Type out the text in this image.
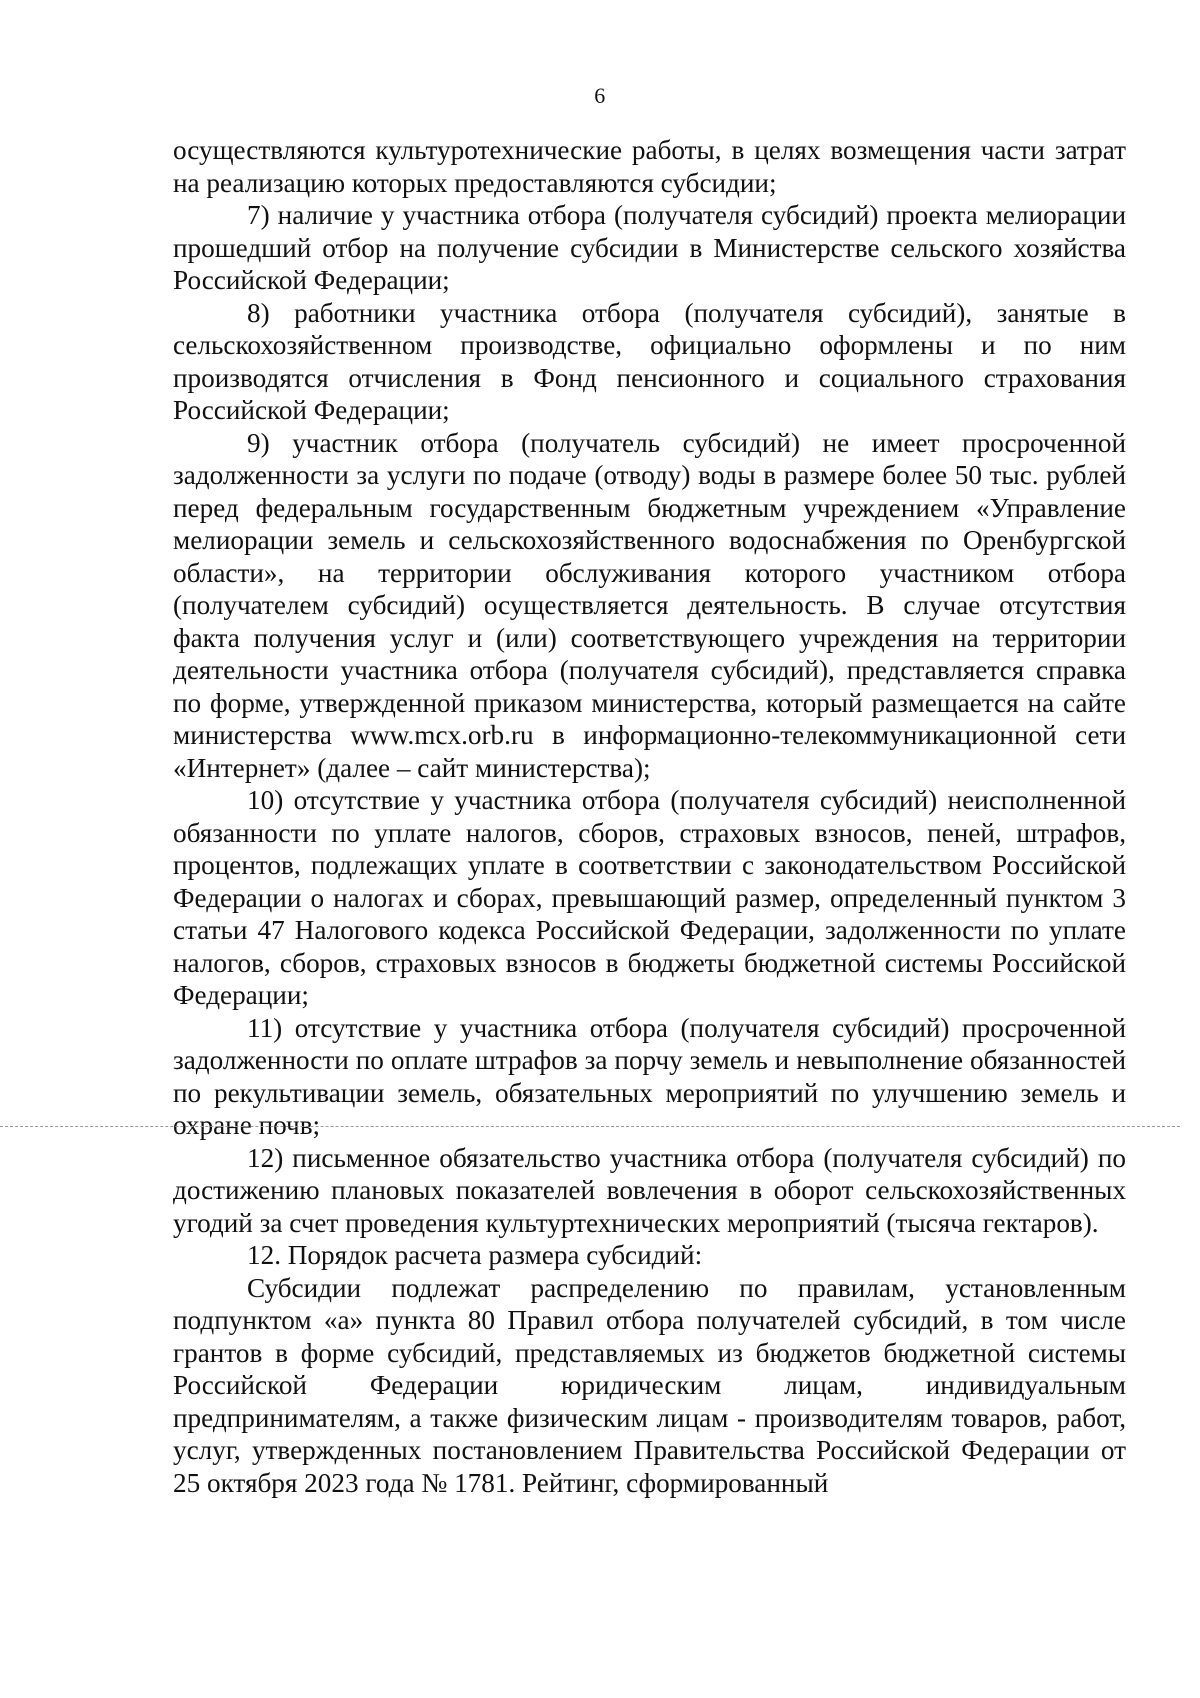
6

осуществляются культуротехнические работы, в целях возмещения части затрат на реализацию которых предоставляются субсидии;

7) наличие у участника отбора (получателя субсидий) проекта мелиорации прошедший отбор на получение субсидии в Министерстве сельского хозяйства Российской Федерации;

8) работники участника отбора (получателя субсидий), занятые в сельскохозяйственном производстве, официально оформлены и по ним производятся отчисления в Фонд пенсионного и социального страхования Российской Федерации;

9) участник отбора (получатель субсидий) не имеет просроченной задолженности за услуги по подаче (отводу) воды в размере более 50 тыс. рублей перед федеральным государственным бюджетным учреждением «Управление мелиорации земель и сельскохозяйственного водоснабжения по Оренбургской области», на территории обслуживания которого участником отбора (получателем субсидий) осуществляется деятельность. В случае отсутствия факта получения услуг и (или) соответствующего учреждения на территории деятельности участника отбора (получателя субсидий), представляется справка по форме, утвержденной приказом министерства, который размещается на сайте министерства www.mcx.orb.ru в информационно-телекоммуникационной сети «Интернет» (далее – сайт министерства);

10) отсутствие у участника отбора (получателя субсидий) неисполненной обязанности по уплате налогов, сборов, страховых взносов, пеней, штрафов, процентов, подлежащих уплате в соответствии с законодательством Российской Федерации о налогах и сборах, превышающий размер, определенный пунктом 3 статьи 47 Налогового кодекса Российской Федерации, задолженности по уплате налогов, сборов, страховых взносов в бюджеты бюджетной системы Российской Федерации;

11) отсутствие у участника отбора (получателя субсидий) просроченной задолженности по оплате штрафов за порчу земель и невыполнение обязанностей по рекультивации земель, обязательных мероприятий по улучшению земель и охране почв;

12) письменное обязательство участника отбора (получателя субсидий) по достижению плановых показателей вовлечения в оборот сельскохозяйственных угодий за счет проведения культуртехнических мероприятий (тысяча гектаров).

12. Порядок расчета размера субсидий:

Субсидии подлежат распределению по правилам, установленным подпунктом «а» пункта 80 Правил отбора получателей субсидий, в том числе грантов в форме субсидий, представляемых из бюджетов бюджетной системы Российской Федерации юридическим лицам, индивидуальным предпринимателям, а также физическим лицам - производителям товаров, работ, услуг, утвержденных постановлением Правительства Российской Федерации от 25 октября 2023 года № 1781. Рейтинг, сформированный
